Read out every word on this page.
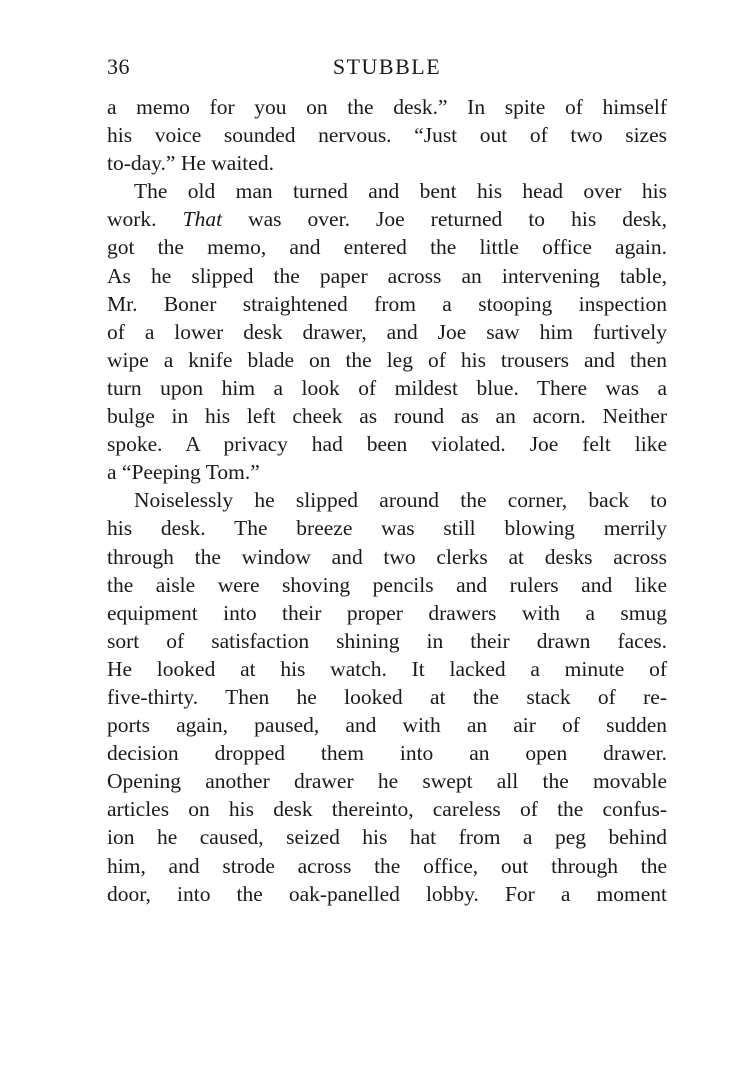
36	STUBBLE

a memo for you on the desk.” In spite of himself
his voice sounded nervous. “Just out of two sizes
to-day.” He waited.

The old man turned and bent his head over his
work. That was over. Joe returned to his desk,
got the memo, and entered the little office again.
As he slipped the paper across an intervening table,
Mr. Boner straightened from a stooping inspection
of a lower desk drawer, and Joe saw him furtively
wipe a knife blade on the leg of his trousers and then
turn upon him a look of mildest blue. There was a
bulge in his left cheek as round as an acorn. Neither
spoke. A privacy had been violated. Joe felt like
a “Peeping Tom.”

Noiselessly he slipped around the corner, back to
his desk. The breeze was still blowing merrily
through the window and two clerks at desks across
the aisle were shoving pencils and rulers and like
equipment into their proper drawers with a smug
sort of satisfaction shining in their drawn faces.
He looked at his watch. It lacked a minute of
five-thirty. Then he looked at the stack of re-
ports again, paused, and with an air of sudden
decision dropped them into an open drawer.
Opening another drawer he swept all the movable
articles on his desk thereinto, careless of the confus-
ion he caused, seized his hat from a peg behind
him, and strode across the office, out through the
door, into the oak-panelled lobby. For a moment
